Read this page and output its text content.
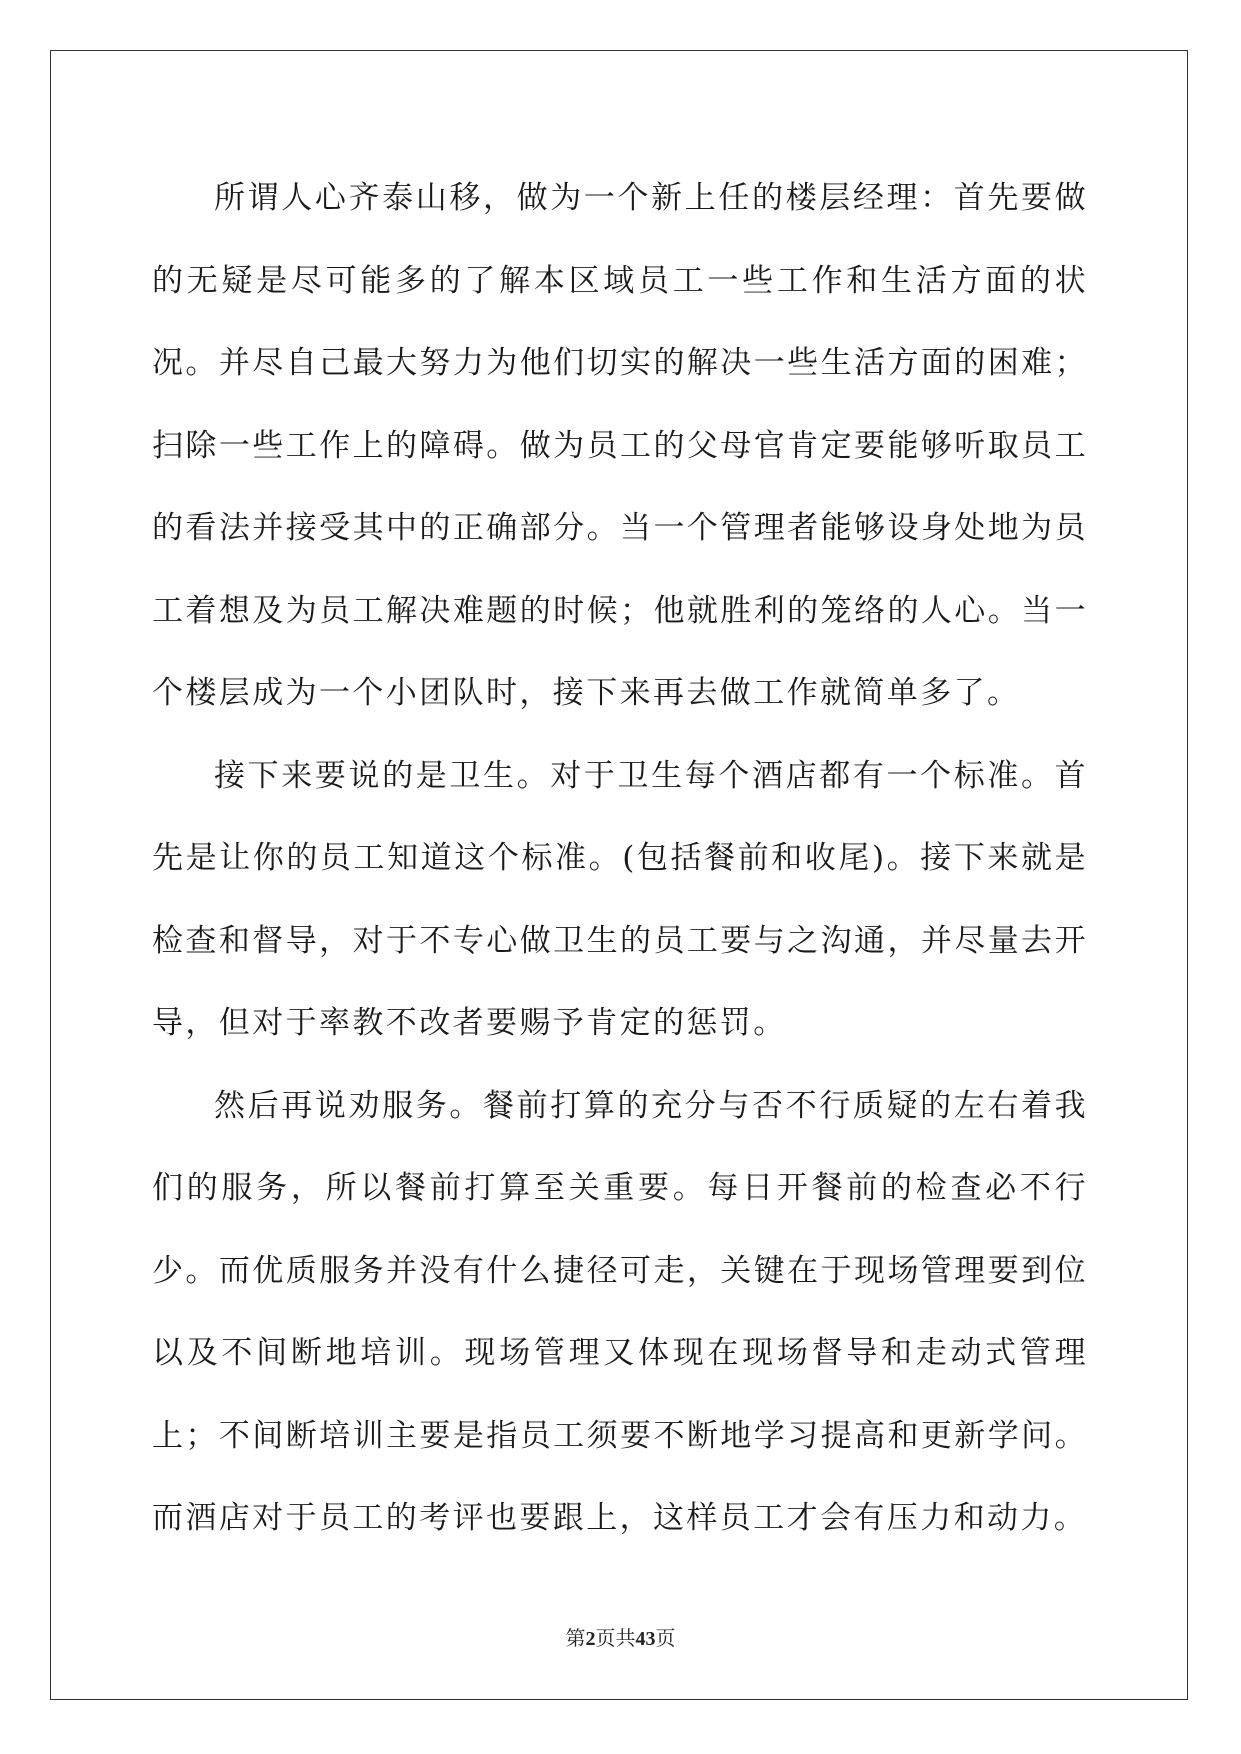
所谓人心齐泰山移，做为一个新上任的楼层经理：首先要做的无疑是尽可能多的了解本区域员工一些工作和生活方面的状况。并尽自己最大努力为他们切实的解决一些生活方面的困难；扫除一些工作上的障碍。做为员工的父母官肯定要能够听取员工的看法并接受其中的正确部分。当一个管理者能够设身处地为员工着想及为员工解决难题的时候；他就胜利的笼络的人心。当一个楼层成为一个小团队时，接下来再去做工作就简单多了。

接下来要说的是卫生。对于卫生每个酒店都有一个标准。首先是让你的员工知道这个标准。(包括餐前和收尾)。接下来就是检查和督导，对于不专心做卫生的员工要与之沟通，并尽量去开导，但对于率教不改者要赐予肯定的惩罚。

然后再说劝服务。餐前打算的充分与否不行质疑的左右着我们的服务，所以餐前打算至关重要。每日开餐前的检查必不行少。而优质服务并没有什么捷径可走，关键在于现场管理要到位以及不间断地培训。现场管理又体现在现场督导和走动式管理上；不间断培训主要是指员工须要不断地学习提高和更新学问。而酒店对于员工的考评也要跟上，这样员工才会有压力和动力。

第2页共43页
